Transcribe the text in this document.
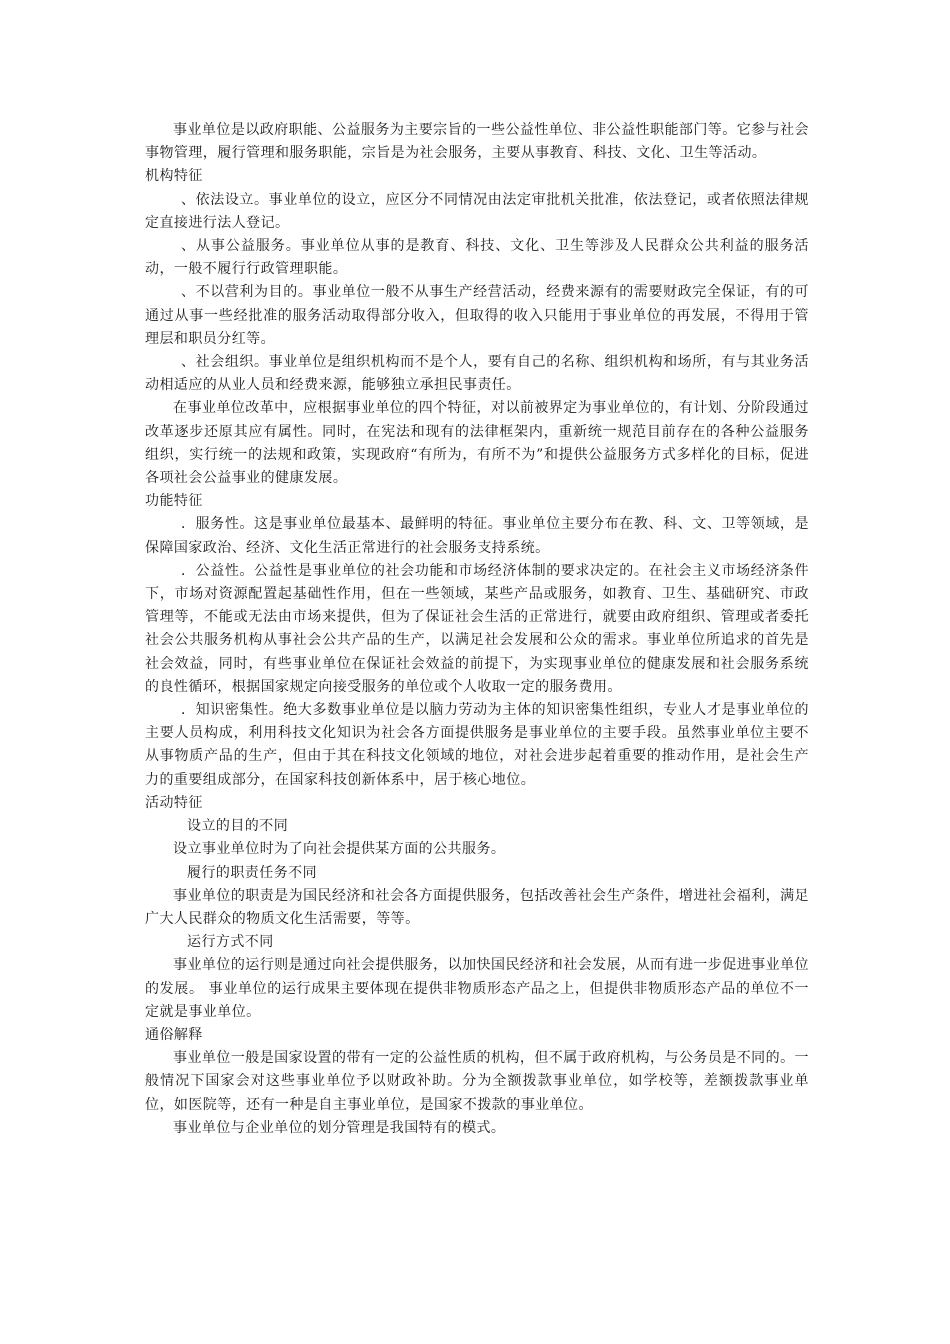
事业单位是以政府职能、公益服务为主要宗旨的一些公益性单位、非公益性职能部门等。它参与社会事物管理，履行管理和服务职能，宗旨是为社会服务，主要从事教育、科技、文化、卫生等活动。

机构特征

、依法设立。事业单位的设立，应区分不同情况由法定审批机关批准，依法登记，或者依照法律规定直接进行法人登记。

、从事公益服务。事业单位从事的是教育、科技、文化、卫生等涉及人民群众公共利益的服务活动，一般不履行行政管理职能。

、不以营利为目的。事业单位一般不从事生产经营活动，经费来源有的需要财政完全保证，有的可通过从事一些经批准的服务活动取得部分收入，但取得的收入只能用于事业单位的再发展，不得用于管理层和职员分红等。

、社会组织。事业单位是组织机构而不是个人，要有自己的名称、组织机构和场所，有与其业务活动相适应的从业人员和经费来源，能够独立承担民事责任。

在事业单位改革中，应根据事业单位的四个特征，对以前被界定为事业单位的，有计划、分阶段通过改革逐步还原其应有属性。同时，在宪法和现有的法律框架内，重新统一规范目前存在的各种公益服务组织，实行统一的法规和政策，实现政府“有所为，有所不为”和提供公益服务方式多样化的目标，促进各项社会公益事业的健康发展。

功能特征

．服务性。这是事业单位最基本、最鲜明的特征。事业单位主要分布在教、科、文、卫等领域，是保障国家政治、经济、文化生活正常进行的社会服务支持系统。

．公益性。公益性是事业单位的社会功能和市场经济体制的要求决定的。在社会主义市场经济条件下，市场对资源配置起基础性作用，但在一些领域，某些产品或服务，如教育、卫生、基础研究、市政管理等，不能或无法由市场来提供，但为了保证社会生活的正常进行，就要由政府组织、管理或者委托社会公共服务机构从事社会公共产品的生产，以满足社会发展和公众的需求。事业单位所追求的首先是社会效益，同时，有些事业单位在保证社会效益的前提下，为实现事业单位的健康发展和社会服务系统的良性循环，根据国家规定向接受服务的单位或个人收取一定的服务费用。

．知识密集性。绝大多数事业单位是以脑力劳动为主体的知识密集性组织，专业人才是事业单位的主要人员构成，利用科技文化知识为社会各方面提供服务是事业单位的主要手段。虽然事业单位主要不从事物质产品的生产，但由于其在科技文化领域的地位，对社会进步起着重要的推动作用，是社会生产力的重要组成部分，在国家科技创新体系中，居于核心地位。

活动特征

设立的目的不同

设立事业单位时为了向社会提供某方面的公共服务。

履行的职责任务不同

事业单位的职责是为国民经济和社会各方面提供服务，包括改善社会生产条件，增进社会福利，满足广大人民群众的物质文化生活需要，等等。

运行方式不同

事业单位的运行则是通过向社会提供服务，以加快国民经济和社会发展，从而有进一步促进事业单位的发展。 事业单位的运行成果主要体现在提供非物质形态产品之上，但提供非物质形态产品的单位不一定就是事业单位。

通俗解释

事业单位一般是国家设置的带有一定的公益性质的机构，但不属于政府机构，与公务员是不同的。一般情况下国家会对这些事业单位予以财政补助。分为全额拨款事业单位，如学校等，差额拨款事业单位，如医院等，还有一种是自主事业单位，是国家不拨款的事业单位。

事业单位与企业单位的划分管理是我国特有的模式。
